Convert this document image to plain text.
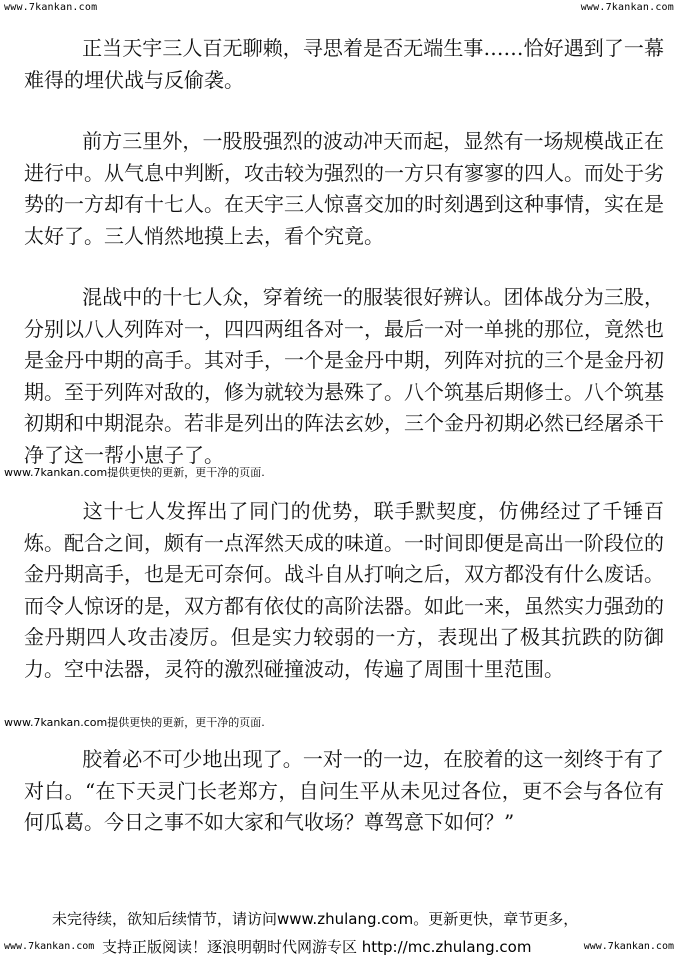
www.7kankan.com	www.7kankan.com

正当天宇三人百无聊赖，寻思着是否无端生事……恰好遇到了一幕难得的埋伏战与反偷袭。

前方三里外，一股股强烈的波动冲天而起，显然有一场规模战正在进行中。从气息中判断，攻击较为强烈的一方只有寥寥的四人。而处于劣势的一方却有十七人。在天宇三人惊喜交加的时刻遇到这种事情，实在是太好了。三人悄然地摸上去，看个究竟。

混战中的十七人众，穿着统一的服装很好辨认。团体战分为三股，分别以八人列阵对一，四四两组各对一，最后一对一单挑的那位，竟然也是金丹中期的高手。其对手，一个是金丹中期，列阵对抗的三个是金丹初期。至于列阵对敌的，修为就较为悬殊了。八个筑基后期修士。八个筑基初期和中期混杂。若非是列出的阵法玄妙，三个金丹初期必然已经屠杀干净了这一帮小崽子了。

www.7kankan.com提供更快的更新，更干净的页面.

这十七人发挥出了同门的优势，联手默契度，仿佛经过了千锤百炼。配合之间，颇有一点浑然天成的味道。一时间即便是高出一阶段位的金丹期高手，也是无可奈何。战斗自从打响之后，双方都没有什么废话。而令人惊讶的是，双方都有依仗的高阶法器。如此一来，虽然实力强劲的金丹期四人攻击凌厉。但是实力较弱的一方，表现出了极其抗跌的防御力。空中法器，灵符的激烈碰撞波动，传遍了周围十里范围。

www.7kankan.com提供更快的更新，更干净的页面.

胶着必不可少地出现了。一对一的一边，在胶着的这一刻终于有了对白。“在下天灵门长老郑方，自问生平从未见过各位，更不会与各位有何瓜葛。今日之事不如大家和气收场？尊驾意下如何？”

未完待续，欲知后续情节，请访问www.zhulang.com。更新更快，章节更多，
支持正版阅读！逐浪明朝时代网游专区 http://mc.zhulang.com
www.7kankan.com	www.7kankan.com
